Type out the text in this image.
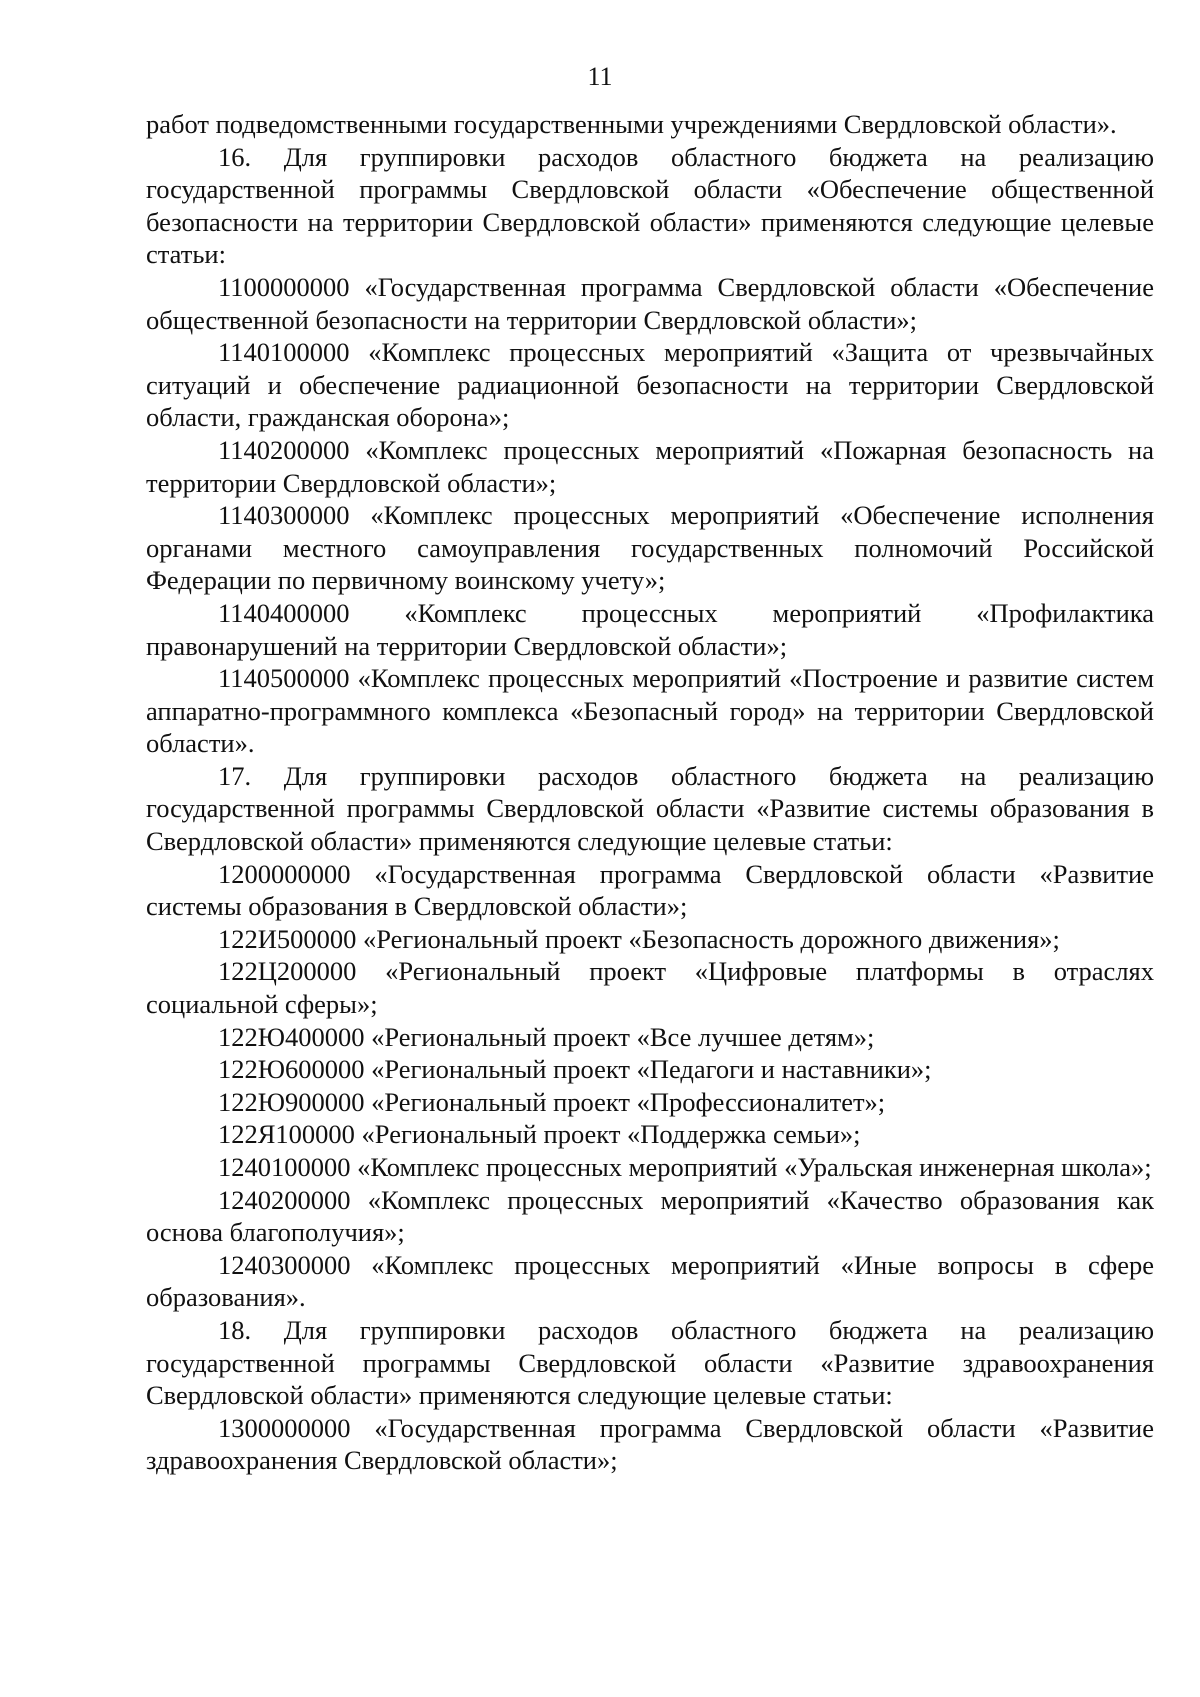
11

работ подведомственными государственными учреждениями Свердловской области».

16. Для группировки расходов областного бюджета на реализацию государственной программы Свердловской области «Обеспечение общественной безопасности на территории Свердловской области» применяются следующие целевые статьи:

1100000000 «Государственная программа Свердловской области «Обеспечение общественной безопасности на территории Свердловской области»;

1140100000 «Комплекс процессных мероприятий «Защита от чрезвычайных ситуаций и обеспечение радиационной безопасности на территории Свердловской области, гражданская оборона»;

1140200000 «Комплекс процессных мероприятий «Пожарная безопасность на территории Свердловской области»;

1140300000 «Комплекс процессных мероприятий «Обеспечение исполнения органами местного самоуправления государственных полномочий Российской Федерации по первичному воинскому учету»;

1140400000 «Комплекс процессных мероприятий «Профилактика правонарушений на территории Свердловской области»;

1140500000 «Комплекс процессных мероприятий «Построение и развитие систем аппаратно-программного комплекса «Безопасный город» на территории Свердловской области».

17. Для группировки расходов областного бюджета на реализацию государственной программы Свердловской области «Развитие системы образования в Свердловской области» применяются следующие целевые статьи:

1200000000 «Государственная программа Свердловской области «Развитие системы образования в Свердловской области»;

122И500000 «Региональный проект «Безопасность дорожного движения»;

122Ц200000 «Региональный проект «Цифровые платформы в отраслях социальной сферы»;

122Ю400000 «Региональный проект «Все лучшее детям»;

122Ю600000 «Региональный проект «Педагоги и наставники»;

122Ю900000 «Региональный проект «Профессионалитет»;

122Я100000 «Региональный проект «Поддержка семьи»;

1240100000 «Комплекс процессных мероприятий «Уральская инженерная школа»;

1240200000 «Комплекс процессных мероприятий «Качество образования как основа благополучия»;

1240300000 «Комплекс процессных мероприятий «Иные вопросы в сфере образования».

18. Для группировки расходов областного бюджета на реализацию государственной программы Свердловской области «Развитие здравоохранения Свердловской области» применяются следующие целевые статьи:

1300000000 «Государственная программа Свердловской области «Развитие здравоохранения Свердловской области»;
